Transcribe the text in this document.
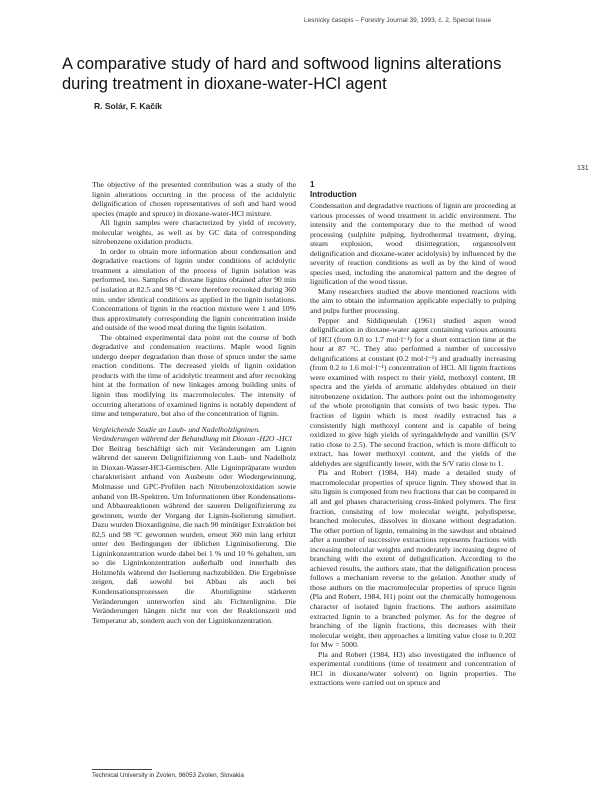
Lesnícky časopis – Forestry Journal 39, 1993, č. 2, Special Issue
A comparative study of hard and softwood lignins alterations during treatment in dioxane-water-HCl agent
R. Solár, F. Kačík
131

The objective of the presented contribution was a study of the lignin alterations occurring in the process of the acidolytic delignification of chosen representatives of soft and hard wood species (maple and spruce) in dioxane-water-HCl mixture.

All lignin samples were characterized by yield of recovery, molecular weights, as well as by GC data of corresponding nitrobenzene oxidation products.

In order to obtain more information about condensation and degradative reactions of lignin under conditions of acidolytic treatment a simulation of the process of lignin isolation was performed, too. Samples of dioxane lignins obtained after 90 min of isolation at 82.5 and 98 °C were therefore recooked during 360 min. under identical conditions as applied in the lignin isolations. Concentrations of lignin in the reaction mixture were 1 and 10% thus approximately corresponding the lignin concentration inside and outside of the wood meal during the lignin isolation.

The obtained experimental data point out the course of both degradative and condensation reactions. Maple wood lignin undergo deeper degradation than those of spruce under the same reaction conditions. The decreased yields of lignin oxidation products with the time of acidolytic treatment and after recooking hint at the formation of new linkages among building units of lignin thus modifying its macromolecules. The intensity of occurring alterations of examined lignins is notably dependent of time and temperature, but also of the concentration of lignin.

Vergleichende Studie an Laub- und Nadelholzligninen. Veränderungen während der Behandlung mit Dioxan -H2O -HCl

Der Beitrag beschäftigt sich mit Veränderungen am Lignin während der saueren Delignifizierung von Laub- und Nadelholz in Dioxan-Wasser-HCl-Gemischen. Alle Ligninpräparate wurden charakterisiert anhand von Ausbeute oder Wiedergewinnung, Molmasse und GPC-Profilen nach Nitrobenzoloxidation sowie anhand von IR-Spektren. Um Informationen über Kondensations- und Abbaureaktionen während der saueren Delignifizierung zu gewinnen, wurde der Vorgang der Lignin-Isolierung simuliert. Dazu wurden Dioxanlignine, die nach 90 minütiger Extraktion bei 82,5 und 98 °C gewonnen wurden, erneut 360 min lang erhitzt unter den Bedingungen der üblichen Ligninisolierung. Die Ligninkonzentration wurde dabei bei 1 % und 10 % gehalten, um so die Ligninkonzentration außerhalb und innerhalb des Holzmehls während der Isolierung nachzubilden. Die Ergebnisse zeigen, daß sowohl bei Abbau als auch bei Kondensationsprozessen die Ahornlignine stärkeren Veränderungen unterworfen sind als Fichtenlignine. Die Veränderungen hängen nicht nur von der Reaktionszeit und Temperatur ab, sondern auch von der Ligninkonzentration.

1

Introduction

Condensation and degradative reactions of lignin are proceeding at various processes of wood treatment in acidic environment. The intensity and the contemporary due to the method of wood processing (sulphite pulping, hydrothermal treatment, drying, steam explosion, wood disintegration, organosolvent delignification and dioxane-water acidolysis) by influenced by the severity of reaction conditions as well as by the kind of wood species used, including the anatomical pattern and the degree of lignification of the wood tissue.

Many researchers studied the above mentioned reactions with the aim to obtain the information applicable especially to pulping and pulps further processing.

Pepper and Siddiqueulah (1961) studied aspen wood delignification in dioxane-water agent containing various amounts of HCl (from 0.0 to 1.7 mol·l⁻¹) for a short extraction time at the hour at 87 °C. They also performed a number of successive delignifications at constant (0.2 mol·l⁻¹) and gradually increasing (from 0.2 to 1.6 mol·l⁻¹) concentration of HCl. All lignin fractions were examined with respect to their yield, methoxyl content, IR spectra and the yields of aromatic aldehydes obtained on their nitrobenzene oxidation. The authors point out the inhomogeneity of the whole protolignin that consists of two basic types. The fraction of lignin which is most readily extracted has a consistently high methoxyl content and is capable of being oxidized to give high yields of syringaldehyde and vanillin (S/V ratio close to 2.5). The second fraction, which is more difficult to extract, has lower methoxyl content, and the yields of the aldehydes are significantly lower, with the S/V ratio close to 1.

Pla and Robert (1984, H4) made a detailed study of macromolecular properties of spruce lignin. They showed that in situ lignin is composed from two fractions that can be compared in all and gel phases characterising cross-linked polymers. The first fraction, consisting of low molecular weight, polydisperse, branched molecules, dissolves in dioxane without degradation. The other portion of lignin, remaining in the sawdust and obtained after a number of successive extractions represents fractions with increasing molecular weights and moderately increasing degree of branching with the extent of delignification. According to the achieved results, the authors state, that the delignification process follows a mechanism reverse to the gelation. Another study of those authors on the macromolecular properties of spruce lignin (Pla and Robert, 1984, H1) point out the chemically homogenous character of isolated lignin fractions. The authors assimilate extracted lignin to a branched polymer. As for the degree of branching of the lignin fractions, this decreases with their molecular weight, then approaches a limiting value close to 0.202 for Mw = 5000.

Pla and Robert (1984, H3) also investigated the influence of experimental conditions (time of treatment and concentration of HCl in dioxane/water solvent) on lignin properties. The extractions were carried out on spruce and

Technical University in Zvolen, 96053 Zvolen, Slovakia
